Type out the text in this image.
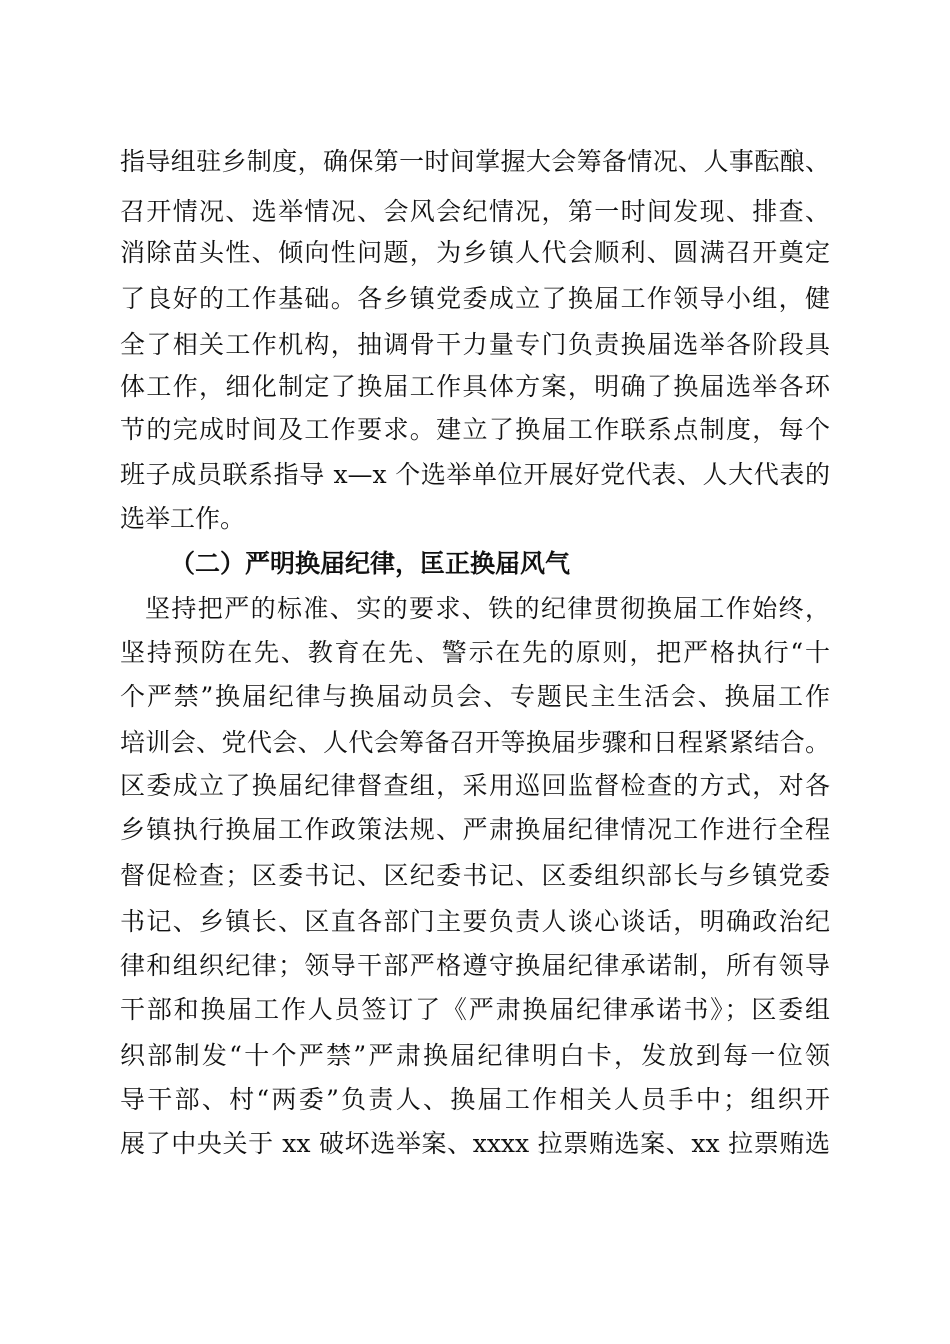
指导组驻乡制度，确保第一时间掌握大会筹备情况、人事酝酿、
召开情况、选举情况、会风会纪情况，第一时间发现、排查、
消除苗头性、倾向性问题，为乡镇人代会顺利、圆满召开奠定
了良好的工作基础。各乡镇党委成立了换届工作领导小组，健
全了相关工作机构，抽调骨干力量专门负责换届选举各阶段具
体工作，细化制定了换届工作具体方案，明确了换届选举各环
节的完成时间及工作要求。建立了换届工作联系点制度，每个
班子成员联系指导 x—x 个选举单位开展好党代表、人大代表的
选举工作。
（二）严明换届纪律，匡正换届风气
坚持把严的标准、实的要求、铁的纪律贯彻换届工作始终，
坚持预防在先、教育在先、警示在先的原则，把严格执行“十
个严禁”换届纪律与换届动员会、专题民主生活会、换届工作
培训会、党代会、人代会筹备召开等换届步骤和日程紧紧结合。
区委成立了换届纪律督查组，采用巡回监督检查的方式，对各
乡镇执行换届工作政策法规、严肃换届纪律情况工作进行全程
督促检查；区委书记、区纪委书记、区委组织部长与乡镇党委
书记、乡镇长、区直各部门主要负责人谈心谈话，明确政治纪
律和组织纪律；领导干部严格遵守换届纪律承诺制，所有领导
干部和换届工作人员签订了《严肃换届纪律承诺书》；区委组
织部制发“十个严禁”严肃换届纪律明白卡，发放到每一位领
导干部、村“两委”负责人、换届工作相关人员手中；组织开
展了中央关于 xx 破坏选举案、xxxx 拉票贿选案、xx 拉票贿选
